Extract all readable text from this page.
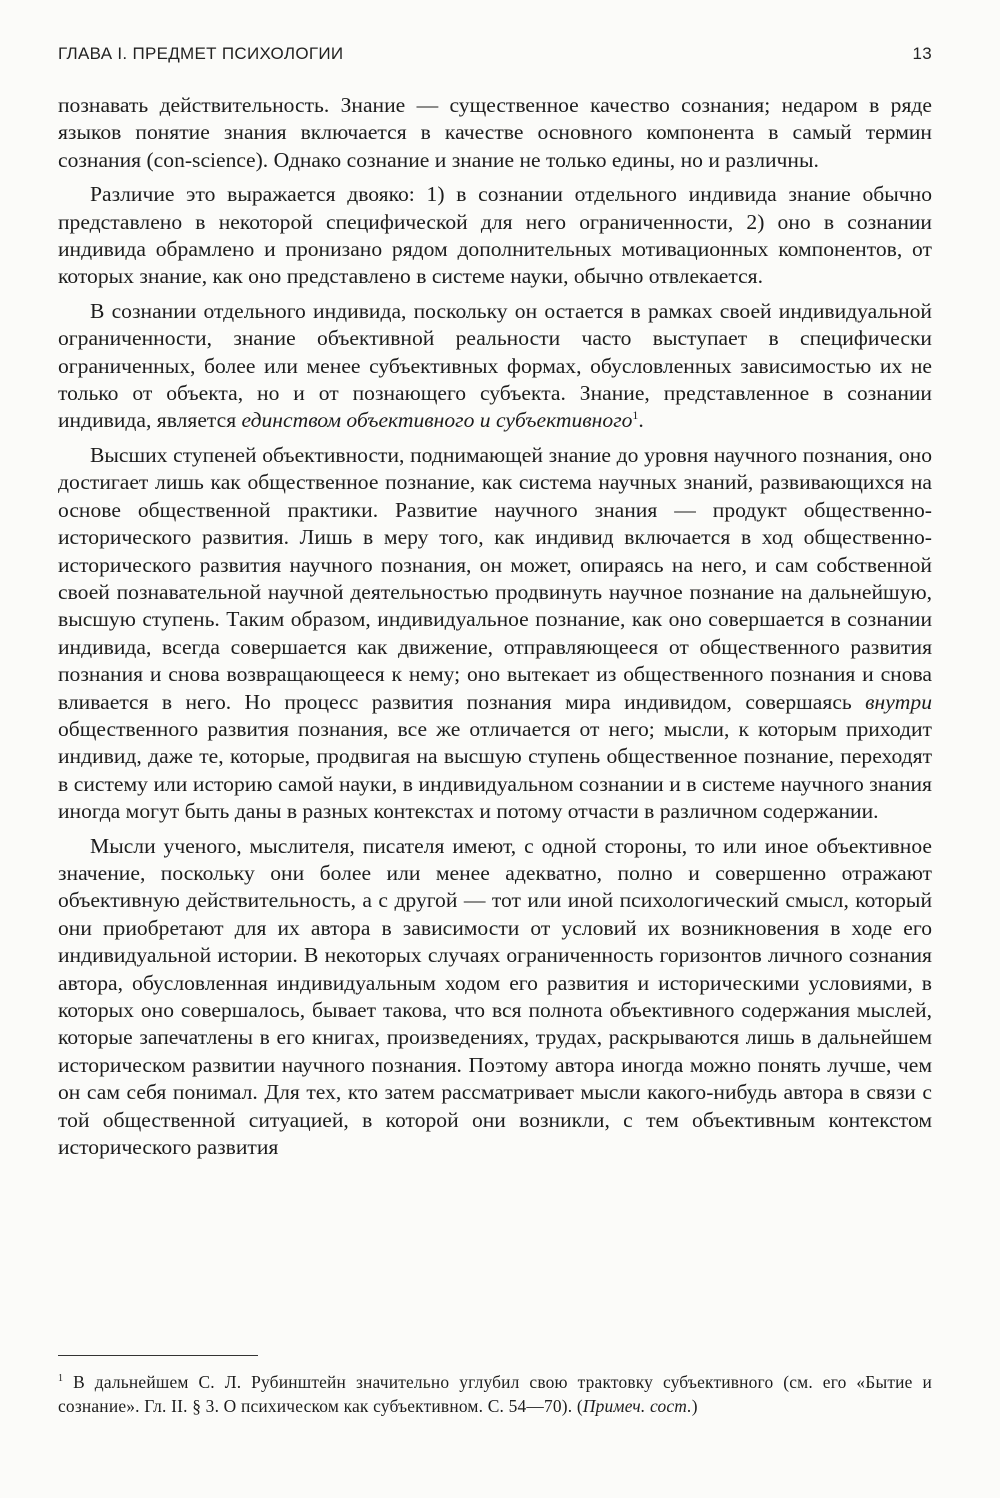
ГЛАВА I. ПРЕДМЕТ ПСИХОЛОГИИ	13

познавать действительность. Знание — существенное качество сознания; недаром в ряде языков понятие знания включается в качестве основного компонента в самый термин сознания (con-science). Однако сознание и знание не только едины, но и различны.

Различие это выражается двояко: 1) в сознании отдельного индивида знание обычно представлено в некоторой специфической для него ограниченности, 2) оно в сознании индивида обрамлено и пронизано рядом дополнительных мотивационных компонентов, от которых знание, как оно представлено в системе науки, обычно отвлекается.

В сознании отдельного индивида, поскольку он остается в рамках своей индивидуальной ограниченности, знание объективной реальности часто выступает в специфически ограниченных, более или менее субъективных формах, обусловленных зависимостью их не только от объекта, но и от познающего субъекта. Знание, представленное в сознании индивида, является единством объективного и субъективного$^1$.

Высших ступеней объективности, поднимающей знание до уровня научного познания, оно достигает лишь как общественное познание, как система научных знаний, развивающихся на основе общественной практики. Развитие научного знания — продукт общественно-исторического развития. Лишь в меру того, как индивид включается в ход общественно-исторического развития научного познания, он может, опираясь на него, и сам собственной своей познавательной научной деятельностью продвинуть научное познание на дальнейшую, высшую ступень. Таким образом, индивидуальное познание, как оно совершается в сознании индивида, всегда совершается как движение, отправляющееся от общественного развития познания и снова возвращающееся к нему; оно вытекает из общественного познания и снова вливается в него. Но процесс развития познания мира индивидом, совершаясь внутри общественного развития познания, все же отличается от него; мысли, к которым приходит индивид, даже те, которые, продвигая на высшую ступень общественное познание, переходят в систему или историю самой науки, в индивидуальном сознании и в системе научного знания иногда могут быть даны в разных контекстах и потому отчасти в различном содержании.

Мысли ученого, мыслителя, писателя имеют, с одной стороны, то или иное объективное значение, поскольку они более или менее адекватно, полно и совершенно отражают объективную действительность, а с другой — тот или иной психологический смысл, который они приобретают для их автора в зависимости от условий их возникновения в ходе его индивидуальной истории. В некоторых случаях ограниченность горизонтов личного сознания автора, обусловленная индивидуальным ходом его развития и историческими условиями, в которых оно совершалось, бывает такова, что вся полнота объективного содержания мыслей, которые запечатлены в его книгах, произведениях, трудах, раскрываются лишь в дальнейшем историческом развитии научного познания. Поэтому автора иногда можно понять лучше, чем он сам себя понимал. Для тех, кто затем рассматривает мысли какого-нибудь автора в связи с той общественной ситуацией, в которой они возникли, с тем объективным контекстом исторического развития

$^1$ В дальнейшем С. Л. Рубинштейн значительно углубил свою трактовку субъективного (см. его «Бытие и сознание». Гл. II. § 3. О психическом как субъективном. С. 54—70). (Примеч. сост.)
